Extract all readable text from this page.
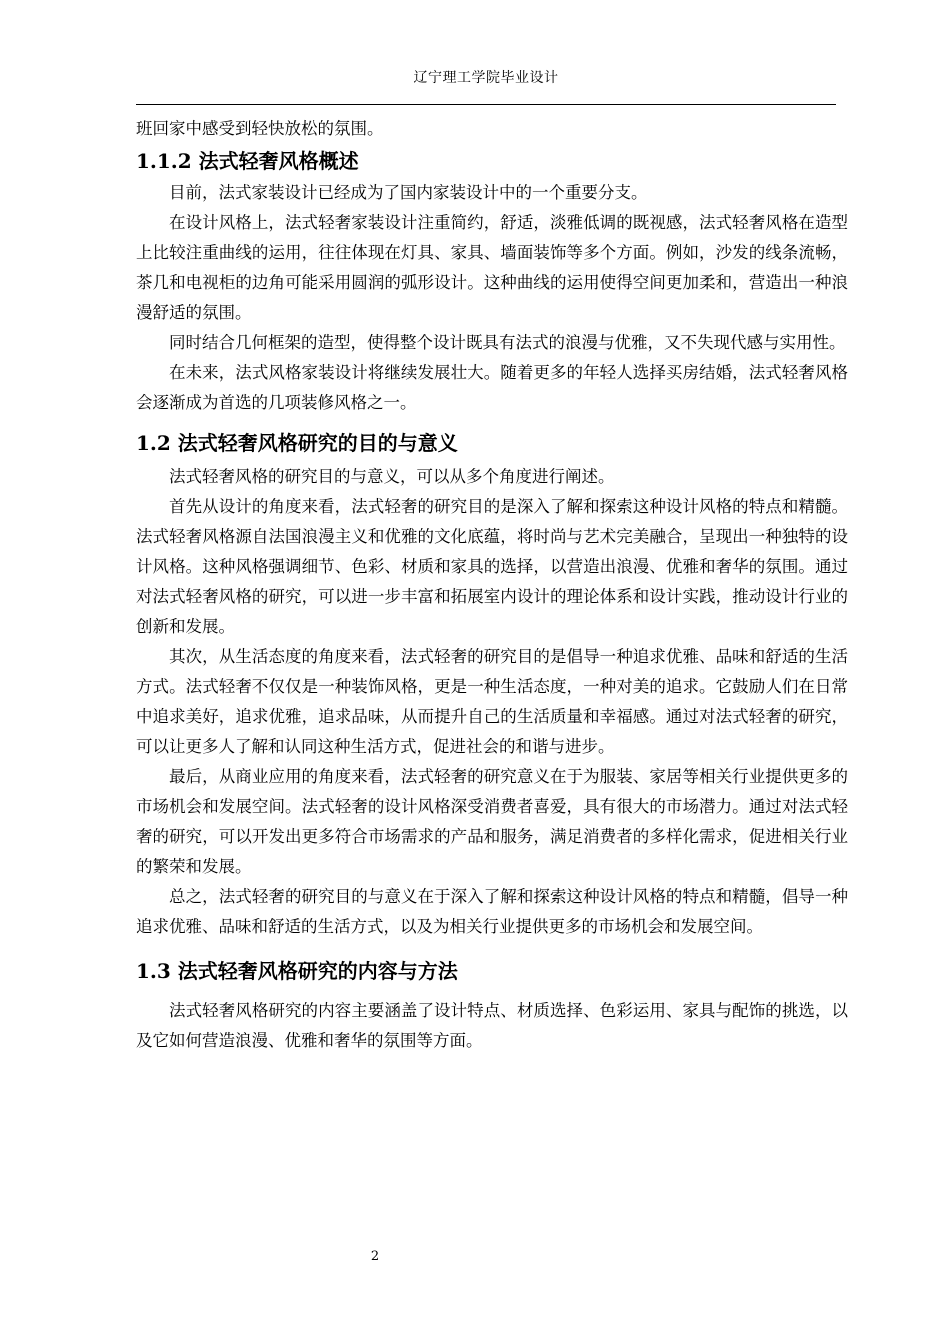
辽宁理工学院毕业设计

班回家中感受到轻快放松的氛围。

1.1.2 法式轻奢风格概述

目前，法式家装设计已经成为了国内家装设计中的一个重要分支。

在设计风格上，法式轻奢家装设计注重简约，舒适，淡雅低调的既视感，法式轻奢风格在造型上比较注重曲线的运用，往往体现在灯具、家具、墙面装饰等多个方面。例如，沙发的线条流畅，茶几和电视柜的边角可能采用圆润的弧形设计。这种曲线的运用使得空间更加柔和，营造出一种浪漫舒适的氛围。

同时结合几何框架的造型，使得整个设计既具有法式的浪漫与优雅，又不失现代感与实用性。

在未来，法式风格家装设计将继续发展壮大。随着更多的年轻人选择买房结婚，法式轻奢风格会逐渐成为首选的几项装修风格之一。

1.2 法式轻奢风格研究的目的与意义

法式轻奢风格的研究目的与意义，可以从多个角度进行阐述。

首先从设计的角度来看，法式轻奢的研究目的是深入了解和探索这种设计风格的特点和精髓。法式轻奢风格源自法国浪漫主义和优雅的文化底蕴，将时尚与艺术完美融合，呈现出一种独特的设计风格。这种风格强调细节、色彩、材质和家具的选择，以营造出浪漫、优雅和奢华的氛围。通过对法式轻奢风格的研究，可以进一步丰富和拓展室内设计的理论体系和设计实践，推动设计行业的创新和发展。

其次，从生活态度的角度来看，法式轻奢的研究目的是倡导一种追求优雅、品味和舒适的生活方式。法式轻奢不仅仅是一种装饰风格，更是一种生活态度，一种对美的追求。它鼓励人们在日常中追求美好，追求优雅，追求品味，从而提升自己的生活质量和幸福感。通过对法式轻奢的研究，可以让更多人了解和认同这种生活方式，促进社会的和谐与进步。

最后，从商业应用的角度来看，法式轻奢的研究意义在于为服装、家居等相关行业提供更多的市场机会和发展空间。法式轻奢的设计风格深受消费者喜爱，具有很大的市场潜力。通过对法式轻奢的研究，可以开发出更多符合市场需求的产品和服务，满足消费者的多样化需求，促进相关行业的繁荣和发展。

总之，法式轻奢的研究目的与意义在于深入了解和探索这种设计风格的特点和精髓，倡导一种追求优雅、品味和舒适的生活方式，以及为相关行业提供更多的市场机会和发展空间。

1.3 法式轻奢风格研究的内容与方法

法式轻奢风格研究的内容主要涵盖了设计特点、材质选择、色彩运用、家具与配饰的挑选，以及它如何营造浪漫、优雅和奢华的氛围等方面。

2
